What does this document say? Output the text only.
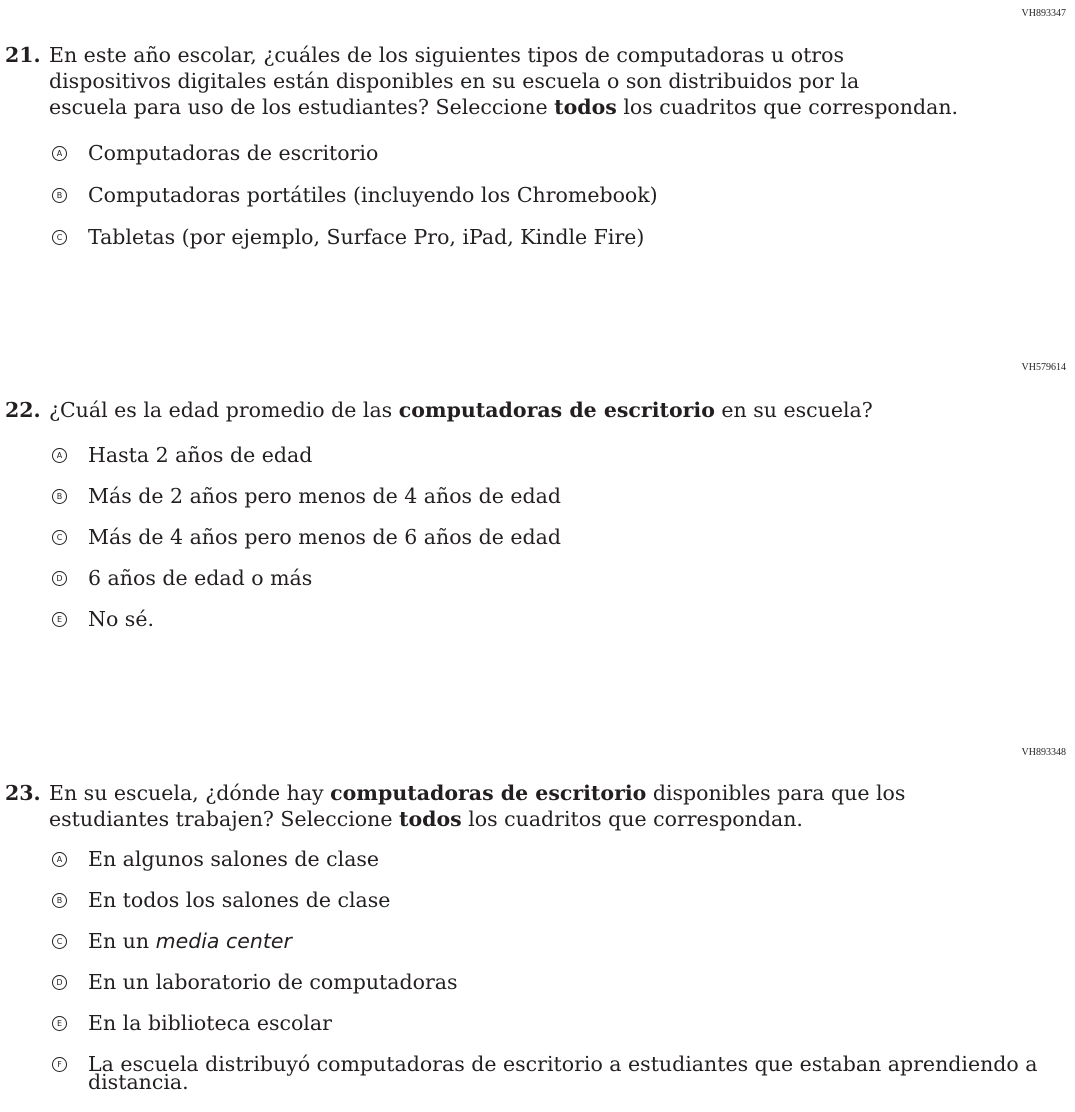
VH893347
21. En este año escolar, ¿cuáles de los siguientes tipos de computadoras u otros
dispositivos digitales están disponibles en su escuela o son distribuidos por la
escuela para uso de los estudiantes? Seleccione todos los cuadritos que correspondan.
A Computadoras de escritorio
B Computadoras portátiles (incluyendo los Chromebook)
C Tabletas (por ejemplo, Surface Pro, iPad, Kindle Fire)
VH579614
22. ¿Cuál es la edad promedio de las computadoras de escritorio en su escuela?
A Hasta 2 años de edad
B Más de 2 años pero menos de 4 años de edad
C Más de 4 años pero menos de 6 años de edad
D 6 años de edad o más
E No sé.
VH893348
23. En su escuela, ¿dónde hay computadoras de escritorio disponibles para que los
estudiantes trabajen? Seleccione todos los cuadritos que correspondan.
A En algunos salones de clase
B En todos los salones de clase
C En un media center
D En un laboratorio de computadoras
E En la biblioteca escolar
F La escuela distribuyó computadoras de escritorio a estudiantes que estaban aprendiendo a
distancia.
